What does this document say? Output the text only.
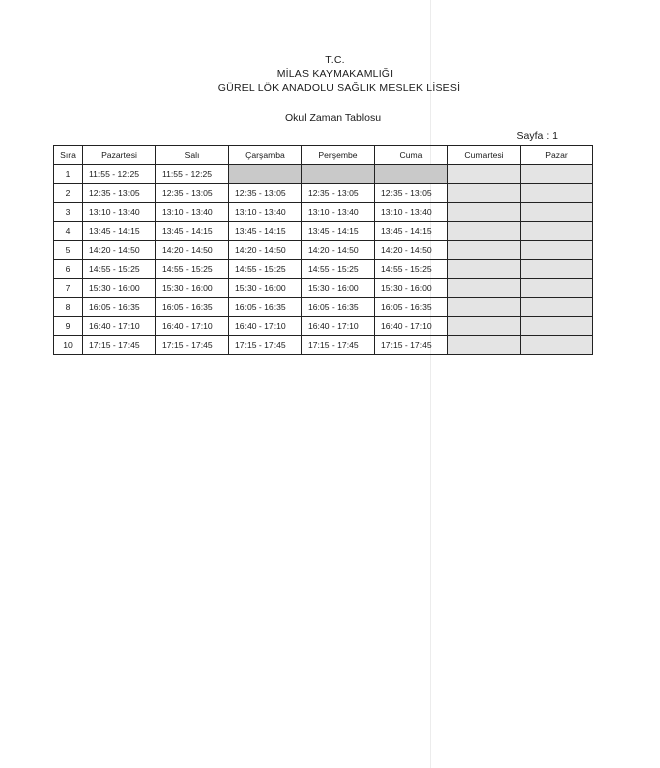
T.C.
MİLAS KAYMAKAMLIĞI
GÜREL LÖK ANADOLU SAĞLIK MESLEK LİSESİ
Okul Zaman Tablosu
Sayfa : 1
Sıra	Pazartesi	Salı	Çarşamba	Perşembe	Cuma	Cumartesi	Pazar
1	11:55 - 12:25	11:55 - 12:25					
2	12:35 - 13:05	12:35 - 13:05	12:35 - 13:05	12:35 - 13:05	12:35 - 13:05		
3	13:10 - 13:40	13:10 - 13:40	13:10 - 13:40	13:10 - 13:40	13:10 - 13:40		
4	13:45 - 14:15	13:45 - 14:15	13:45 - 14:15	13:45 - 14:15	13:45 - 14:15		
5	14:20 - 14:50	14:20 - 14:50	14:20 - 14:50	14:20 - 14:50	14:20 - 14:50		
6	14:55 - 15:25	14:55 - 15:25	14:55 - 15:25	14:55 - 15:25	14:55 - 15:25		
7	15:30 - 16:00	15:30 - 16:00	15:30 - 16:00	15:30 - 16:00	15:30 - 16:00		
8	16:05 - 16:35	16:05 - 16:35	16:05 - 16:35	16:05 - 16:35	16:05 - 16:35		
9	16:40 - 17:10	16:40 - 17:10	16:40 - 17:10	16:40 - 17:10	16:40 - 17:10		
10	17:15 - 17:45	17:15 - 17:45	17:15 - 17:45	17:15 - 17:45	17:15 - 17:45		
